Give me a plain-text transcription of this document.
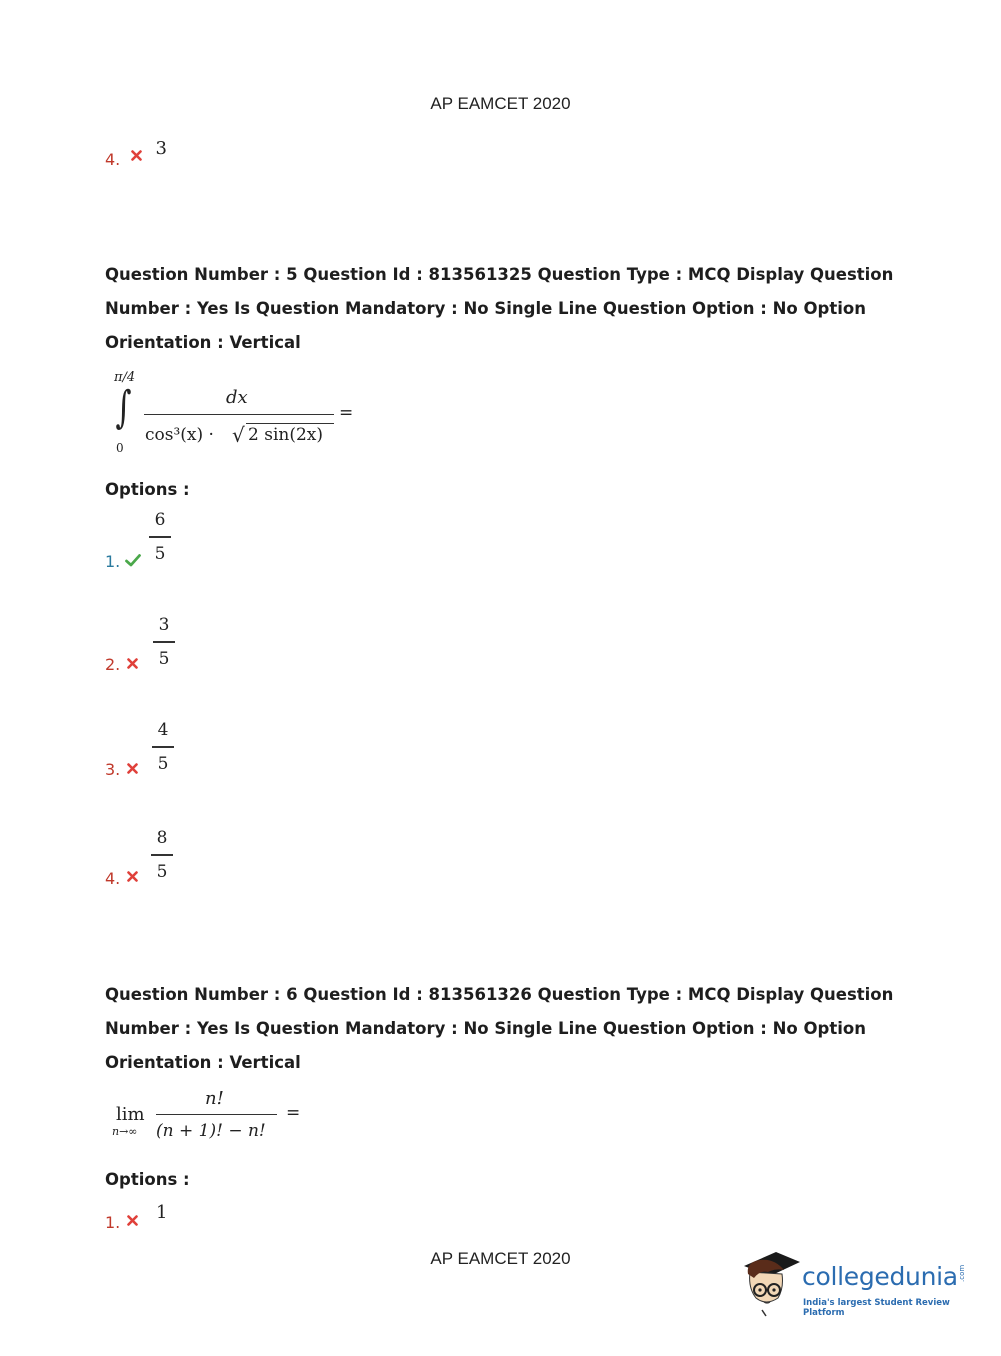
AP EAMCET 2020
4.  3
Question Number : 5 Question Id : 813561325 Question Type : MCQ Display Question Number : Yes Is Question Mandatory : No Single Line Question Option : No Option Orientation : Vertical
π/4
∫
0
dx
cos³(x) · √ 2 sin(2x)
=
Options :
1.
6
5
2.
3
5
3.
4
5
4.
8
5
Question Number : 6 Question Id : 813561326 Question Type : MCQ Display Question Number : Yes Is Question Mandatory : No Single Line Question Option : No Option Orientation : Vertical
lim
n→∞
n!
(n + 1)! − n!
=
Options :
1. 1
AP EAMCET 2020
collegedunia .com
India's largest Student Review Platform
